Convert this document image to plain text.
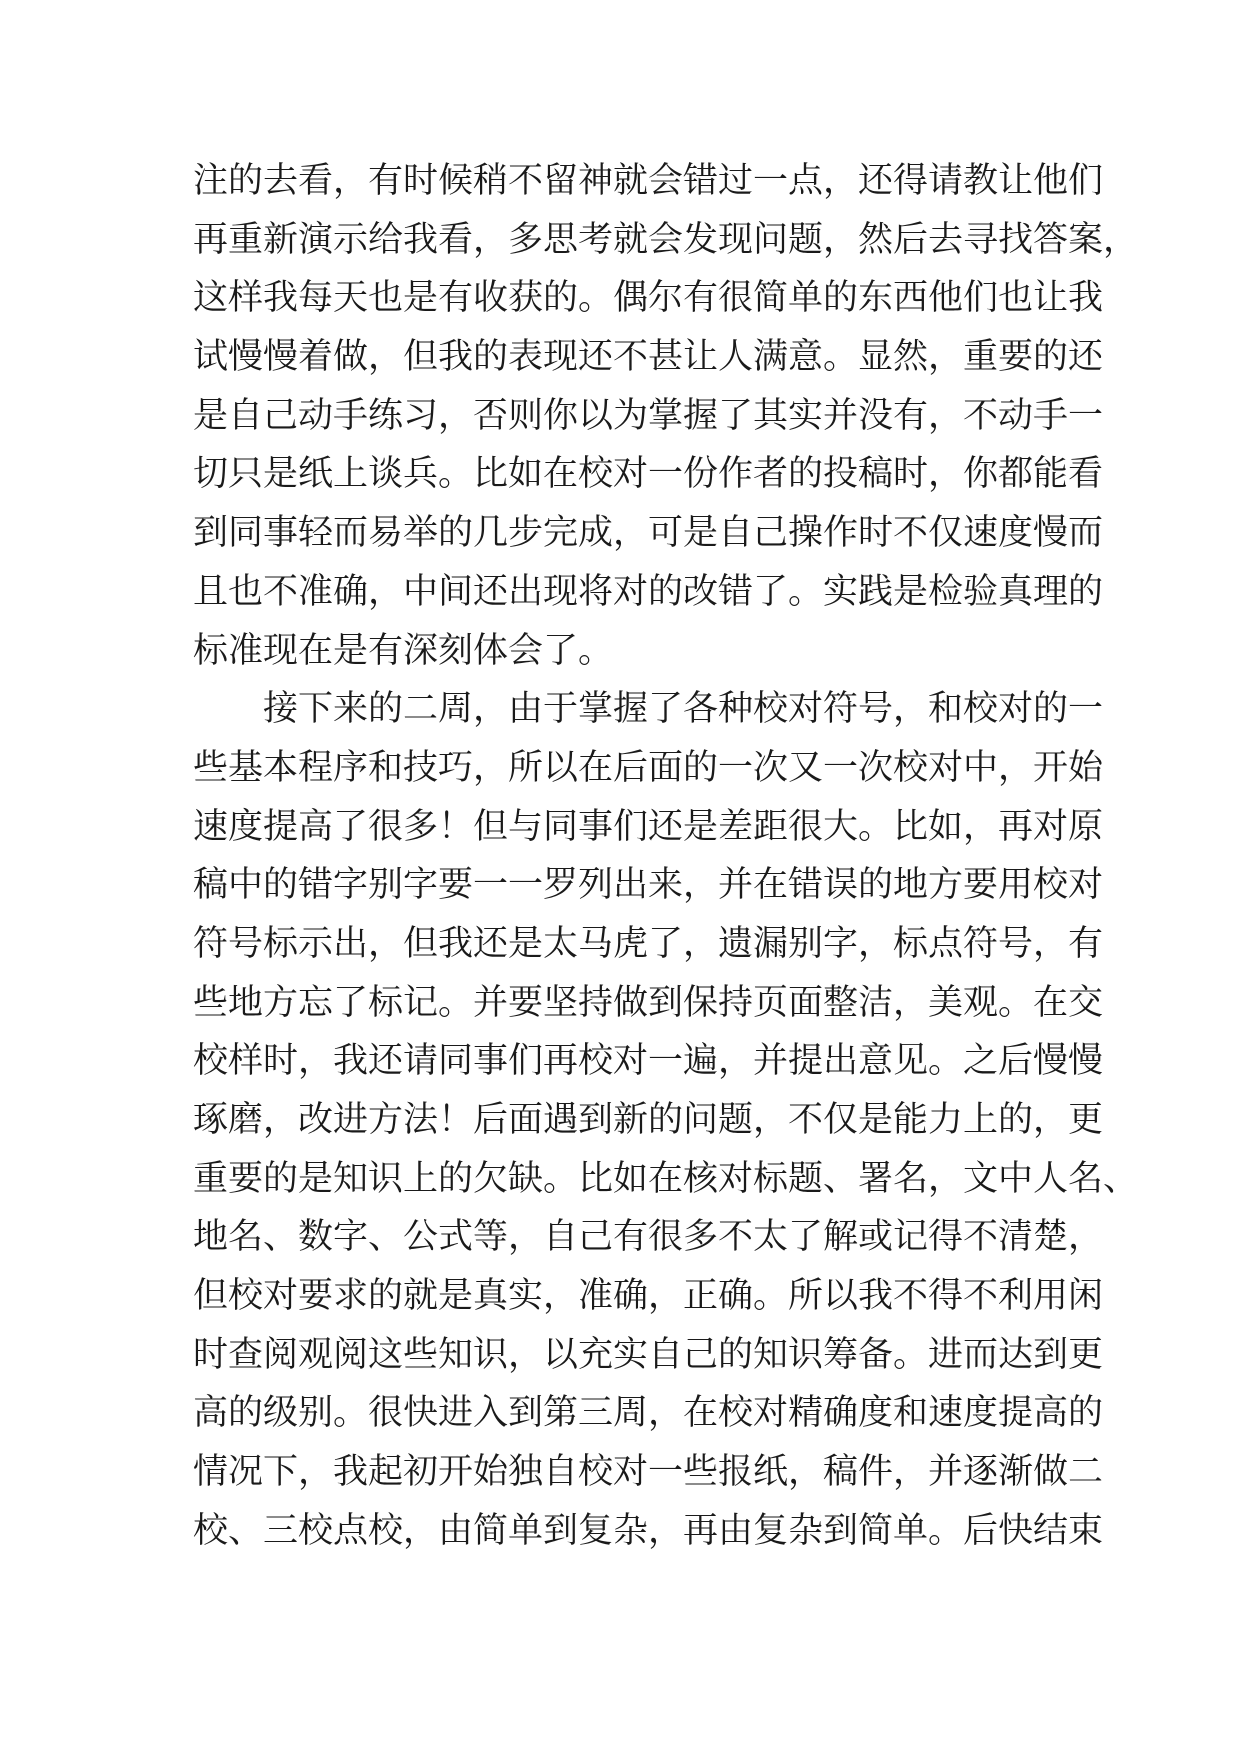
注的去看，有时候稍不留神就会错过一点，还得请教让他们
再重新演示给我看，多思考就会发现问题，然后去寻找答案，
这样我每天也是有收获的。偶尔有很简单的东西他们也让我
试慢慢着做，但我的表现还不甚让人满意。显然，重要的还
是自己动手练习，否则你以为掌握了其实并没有，不动手一
切只是纸上谈兵。比如在校对一份作者的投稿时，你都能看
到同事轻而易举的几步完成，可是自己操作时不仅速度慢而
且也不准确，中间还出现将对的改错了。实践是检验真理的
标准现在是有深刻体会了。
接下来的二周，由于掌握了各种校对符号，和校对的一
些基本程序和技巧，所以在后面的一次又一次校对中，开始
速度提高了很多！但与同事们还是差距很大。比如，再对原
稿中的错字别字要一一罗列出来，并在错误的地方要用校对
符号标示出，但我还是太马虎了，遗漏别字，标点符号，有
些地方忘了标记。并要坚持做到保持页面整洁，美观。在交
校样时，我还请同事们再校对一遍，并提出意见。之后慢慢
琢磨，改进方法！后面遇到新的问题，不仅是能力上的，更
重要的是知识上的欠缺。比如在核对标题、署名，文中人名、
地名、数字、公式等，自己有很多不太了解或记得不清楚，
但校对要求的就是真实，准确，正确。所以我不得不利用闲
时查阅观阅这些知识，以充实自己的知识筹备。进而达到更
高的级别。很快进入到第三周，在校对精确度和速度提高的
情况下，我起初开始独自校对一些报纸，稿件，并逐渐做二
校、三校点校，由简单到复杂，再由复杂到简单。后快结束
